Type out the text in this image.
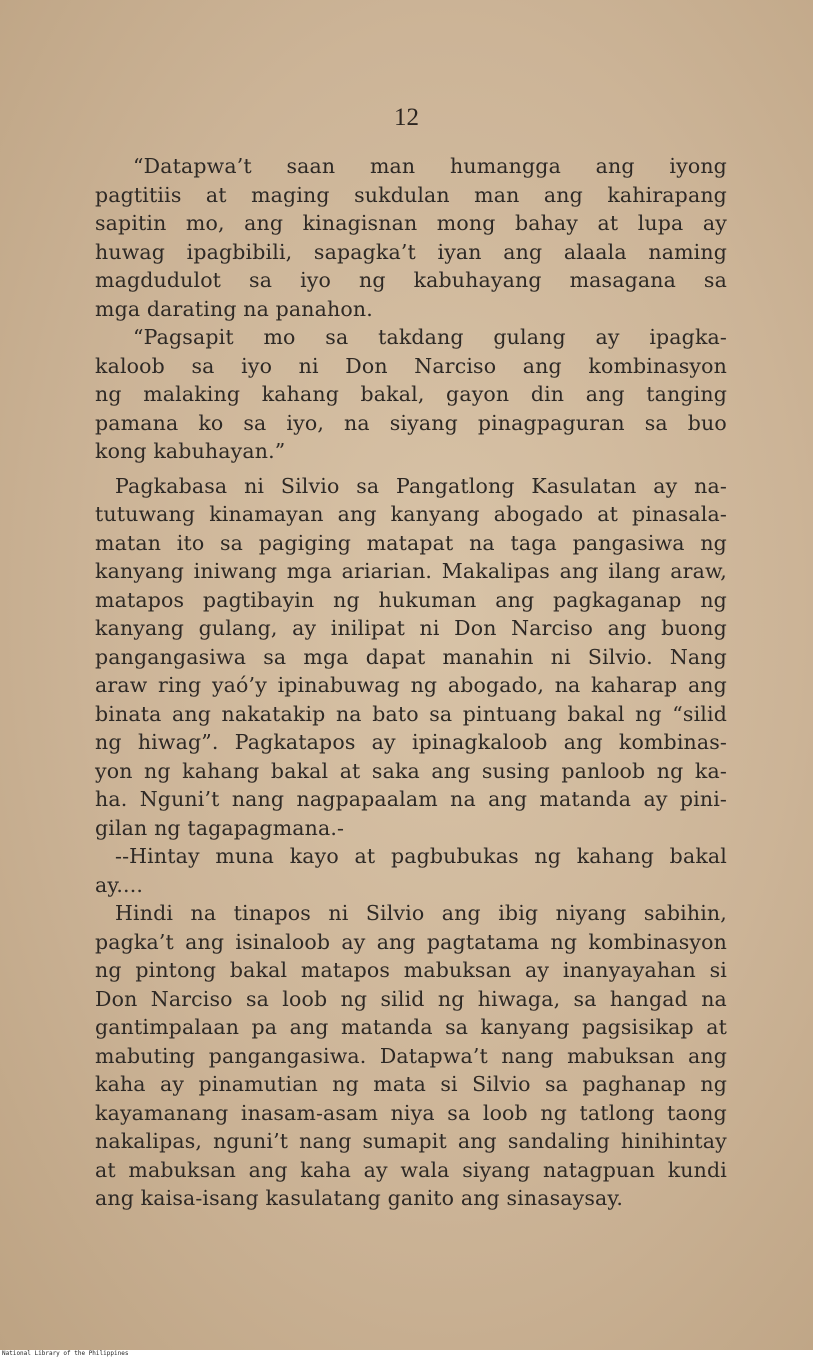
12
“Datapwa’t saan man humangga ang iyong
pagtitiis at maging sukdulan man ang kahirapang
sapitin mo, ang kinagisnan mong bahay at lupa ay
huwag ipagbibili, sapagka’t iyan ang alaala naming
magdudulot sa iyo ng kabuhayang masagana sa
mga darating na panahon.
“Pagsapit mo sa takdang gulang ay ipagka-
kaloob sa iyo ni Don Narciso ang kombinasyon
ng malaking kahang bakal, gayon din ang tanging
pamana ko sa iyo, na siyang pinagpaguran sa buo
kong kabuhayan.”
Pagkabasa ni Silvio sa Pangatlong Kasulatan ay na-
tutuwang kinamayan ang kanyang abogado at pinasala-
matan ito sa pagiging matapat na taga pangasiwa ng
kanyang iniwang mga ariarian. Makalipas ang ilang araw,
matapos pagtibayin ng hukuman ang pagkaganap ng
kanyang gulang, ay inilipat ni Don Narciso ang buong
pangangasiwa sa mga dapat manahin ni Silvio. Nang
araw ring yaó’y ipinabuwag ng abogado, na kaharap ang
binata ang nakatakip na bato sa pintuang bakal ng “silid
ng hiwag”. Pagkatapos ay ipinagkaloob ang kombinas-
yon ng kahang bakal at saka ang susing panloob ng ka-
ha. Nguni’t nang nagpapaalam na ang matanda ay pini-
gilan ng tagapagmana.-
--Hintay muna kayo at pagbubukas ng kahang bakal
ay....
Hindi na tinapos ni Silvio ang ibig niyang sabihin,
pagka’t ang isinaloob ay ang pagtatama ng kombinasyon
ng pintong bakal matapos mabuksan ay inanyayahan si
Don Narciso sa loob ng silid ng hiwaga, sa hangad na
gantimpalaan pa ang matanda sa kanyang pagsisikap at
mabuting pangangasiwa. Datapwa’t nang mabuksan ang
kaha ay pinamutian ng mata si Silvio sa paghanap ng
kayamanang inasam-asam niya sa loob ng tatlong taong
nakalipas, nguni’t nang sumapit ang sandaling hinihintay
at mabuksan ang kaha ay wala siyang natagpuan kundi
ang kaisa-isang kasulatang ganito ang sinasaysay.
National Library of the Philippines
